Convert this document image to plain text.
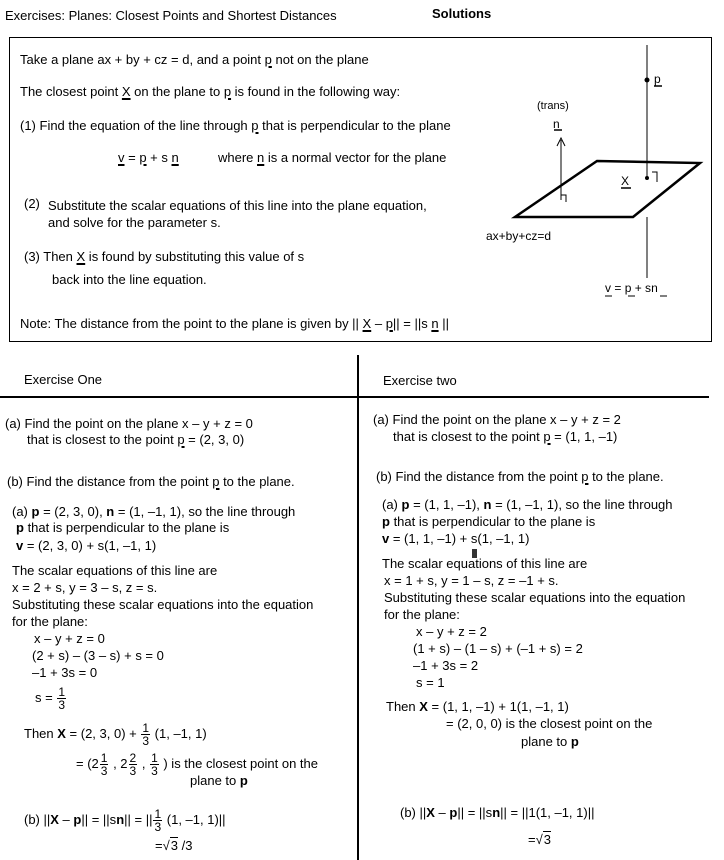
Exercises: Planes: Closest Points and Shortest Distances	Solutions
Take a plane ax + by + cz = d, and a point p not on the plane
The closest point X on the plane to p is found in the following way:
(1) Find the equation of the line through p that is perpendicular to the plane
v = p + s n	where n is a normal vector for the plane
(2) Substitute the scalar equations of this line into the plane equation,
and solve for the parameter s.
(3) Then X is found by substituting this value of s
back into the line equation.
Note: The distance from the point to the plane is given by || X – p|| = ||s n ||
(trans)
n
p
X
ax+by+cz=d
v = p + sn
Exercise One
(a) Find the point on the plane x – y + z = 0
that is closest to the point p = (2, 3, 0)
(b) Find the distance from the point p to the plane.
(a) p = (2, 3, 0), n = (1, –1, 1), so the line through
p that is perpendicular to the plane is
v = (2, 3, 0) + s(1, –1, 1)
The scalar equations of this line are
x = 2 + s, y = 3 – s, z = s.
Substituting these scalar equations into the equation
for the plane:
x – y + z = 0
(2 + s) – (3 – s) + s = 0
–1 + 3s = 0
$s = \frac{1}{3}$
Then X = (2, 3, $0) + \frac{1}{3} (1$, –1, 1)
= ($2 \frac{1}{3}$ , $2 \frac{2}{3}$ , $\frac{1}{3}$ ) is the closest point on the
plane to p
(b) ||X – p|| = ||sn|| = || $\frac{1}{3} (1$, –1, 1)||
=√3 /3
Exercise two
(a) Find the point on the plane x – y + z = 2
that is closest to the point p = (1, 1, –1)
(b) Find the distance from the point p to the plane.
(a) p = (1, 1, –1), n = (1, –1, 1), so the line through
p that is perpendicular to the plane is
v = (1, 1, –1) + s(1, –1, 1)
The scalar equations of this line are
x = 1 + s, y = 1 – s, z = –1 + s.
Substituting these scalar equations into the equation
for the plane:
x – y + z = 2
(1 + s) – (1 – s) + (–1 + s) = 2
–1 + 3s = 2
s = 1
Then X = (1, 1, –1) + 1(1, –1, 1)
= (2, 0, 0) is the closest point on the
plane to p
(b) ||X – p|| = ||sn|| = ||1(1, –1, 1)||
=√3
